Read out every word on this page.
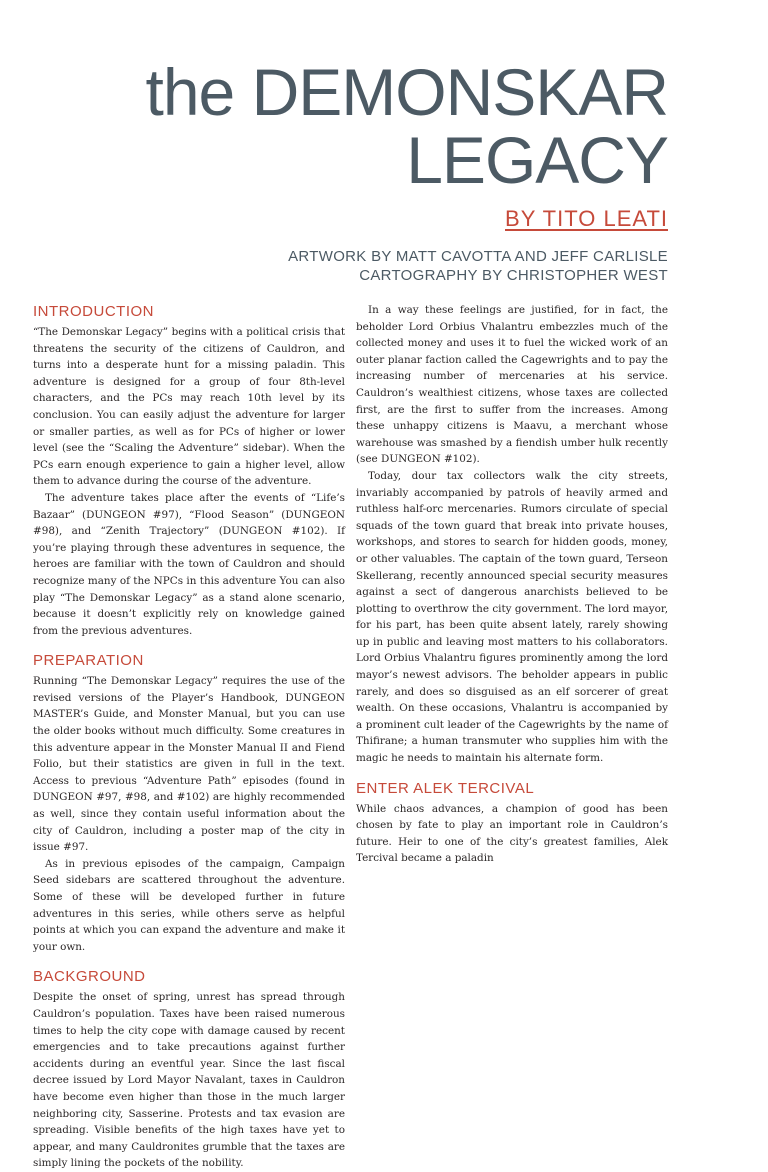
the DEMONSKAR
LEGACY
BY TITO LEATI
ARTWORK BY MATT CAVOTTA AND JEFF CARLISLE
CARTOGRAPHY BY CHRISTOPHER WEST
INTRODUCTION

“The Demonskar Legacy” begins with a political crisis that threatens the security of the citizens of Cauldron, and turns into a desperate hunt for a missing paladin. This adventure is designed for a group of four 8th-level characters, and the PCs may reach 10th level by its conclusion. You can easily adjust the adventure for larger or smaller parties, as well as for PCs of higher or lower level (see the “Scaling the Adventure” sidebar). When the PCs earn enough experience to gain a higher level, allow them to advance during the course of the adventure.

The adventure takes place after the events of “Life’s Bazaar” (DUNGEON #97), “Flood Season” (DUNGEON #98), and “Zenith Trajectory” (DUNGEON #102). If you’re playing through these adventures in sequence, the heroes are familiar with the town of Cauldron and should recognize many of the NPCs in this adventure You can also play “The Demonskar Legacy” as a stand alone scenario, because it doesn’t explicitly rely on knowledge gained from the previous adventures.

PREPARATION

Running “The Demonskar Legacy” requires the use of the revised versions of the Player’s Handbook, DUNGEON MASTER’s Guide, and Monster Manual, but you can use the older books without much difficulty. Some creatures in this adventure appear in the Monster Manual II and Fiend Folio, but their statistics are given in full in the text. Access to previous “Adventure Path” episodes (found in DUNGEON #97, #98, and #102) are highly recommended as well, since they contain useful information about the city of Cauldron, including a poster map of the city in issue #97.

As in previous episodes of the campaign, Campaign Seed sidebars are scattered throughout the adventure. Some of these will be developed further in future adventures in this series, while others serve as helpful points at which you can expand the adventure and make it your own.

BACKGROUND

Despite the onset of spring, unrest has spread through Cauldron’s population. Taxes have been raised numerous times to help the city cope with damage caused by recent emergencies and to take precautions against further accidents during an eventful year. Since the last fiscal decree issued by Lord Mayor Navalant, taxes in Cauldron have become even higher than those in the much larger neighboring city, Sasserine. Protests and tax evasion are spreading. Visible benefits of the high taxes have yet to appear, and many Cauldronites grumble that the taxes are simply lining the pockets of the nobility.

In a way these feelings are justified, for in fact, the beholder Lord Orbius Vhalantru embezzles much of the collected money and uses it to fuel the wicked work of an outer planar faction called the Cagewrights and to pay the increasing number of mercenaries at his service. Cauldron’s wealthiest citizens, whose taxes are collected first, are the first to suffer from the increases. Among these unhappy citizens is Maavu, a merchant whose warehouse was smashed by a fiendish umber hulk recently (see DUNGEON #102).

Today, dour tax collectors walk the city streets, invariably accompanied by patrols of heavily armed and ruthless half-orc mercenaries. Rumors circulate of special squads of the town guard that break into private houses, workshops, and stores to search for hidden goods, money, or other valuables. The captain of the town guard, Terseon Skellerang, recently announced special security measures against a sect of dangerous anarchists believed to be plotting to overthrow the city government. The lord mayor, for his part, has been quite absent lately, rarely showing up in public and leaving most matters to his collaborators. Lord Orbius Vhalantru figures prominently among the lord mayor’s newest advisors. The beholder appears in public rarely, and does so disguised as an elf sorcerer of great wealth. On these occasions, Vhalantru is accompanied by a prominent cult leader of the Cagewrights by the name of Thifirane; a human transmuter who supplies him with the magic he needs to maintain his alternate form.

ENTER ALEK TERCIVAL

While chaos advances, a champion of good has been chosen by fate to play an important role in Cauldron’s future. Heir to one of the city’s greatest families, Alek Tercival became a paladin
